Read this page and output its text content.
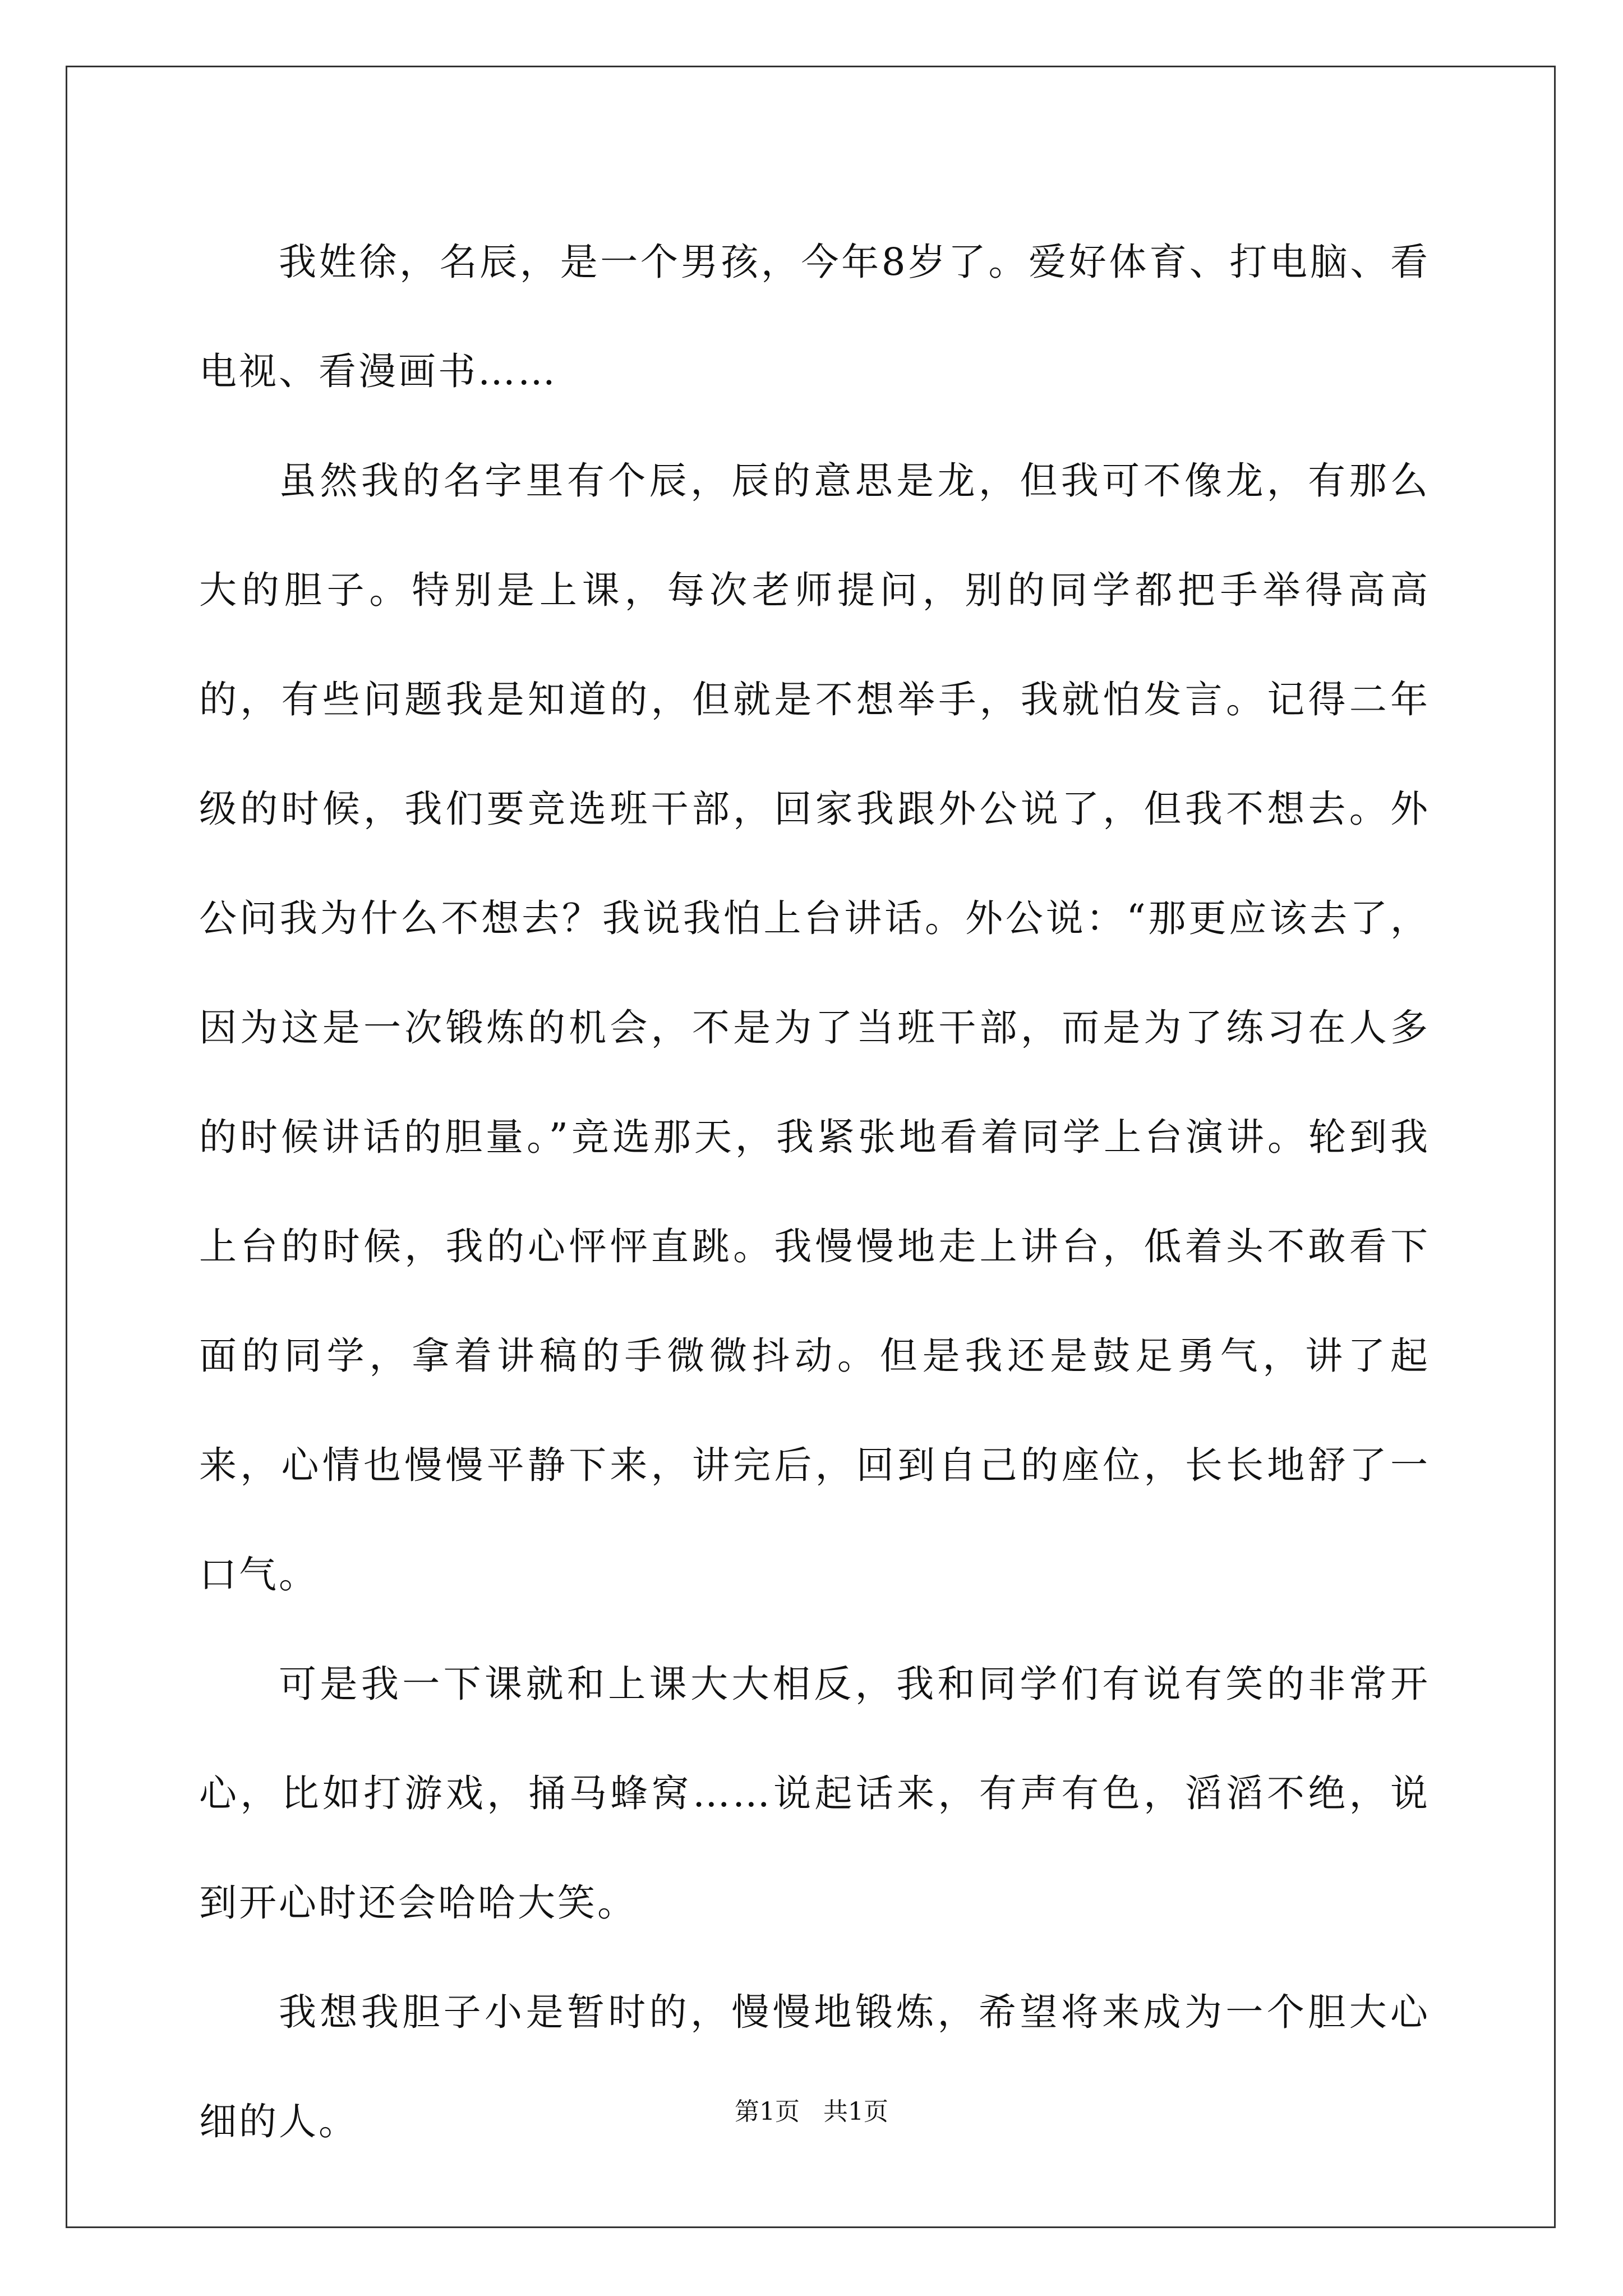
我姓徐，名辰，是一个男孩，今年8岁了。爱好体育、打电脑、看电视、看漫画书……

虽然我的名字里有个辰，辰的意思是龙，但我可不像龙，有那么大的胆子。特别是上课，每次老师提问，别的同学都把手举得高高的，有些问题我是知道的，但就是不想举手，我就怕发言。记得二年级的时候，我们要竞选班干部，回家我跟外公说了，但我不想去。外公问我为什么不想去？我说我怕上台讲话。外公说：“那更应该去了，因为这是一次锻炼的机会，不是为了当班干部，而是为了练习在人多的时候讲话的胆量。”竞选那天，我紧张地看着同学上台演讲。轮到我上台的时候，我的心怦怦直跳。我慢慢地走上讲台，低着头不敢看下面的同学，拿着讲稿的手微微抖动。但是我还是鼓足勇气，讲了起来，心情也慢慢平静下来，讲完后，回到自己的座位，长长地舒了一口气。

可是我一下课就和上课大大相反，我和同学们有说有笑的非常开心，比如打游戏，捅马蜂窝……说起话来，有声有色，滔滔不绝，说到开心时还会哈哈大笑。

我想我胆子小是暂时的，慢慢地锻炼，希望将来成为一个胆大心细的人。	第1页 共1页
